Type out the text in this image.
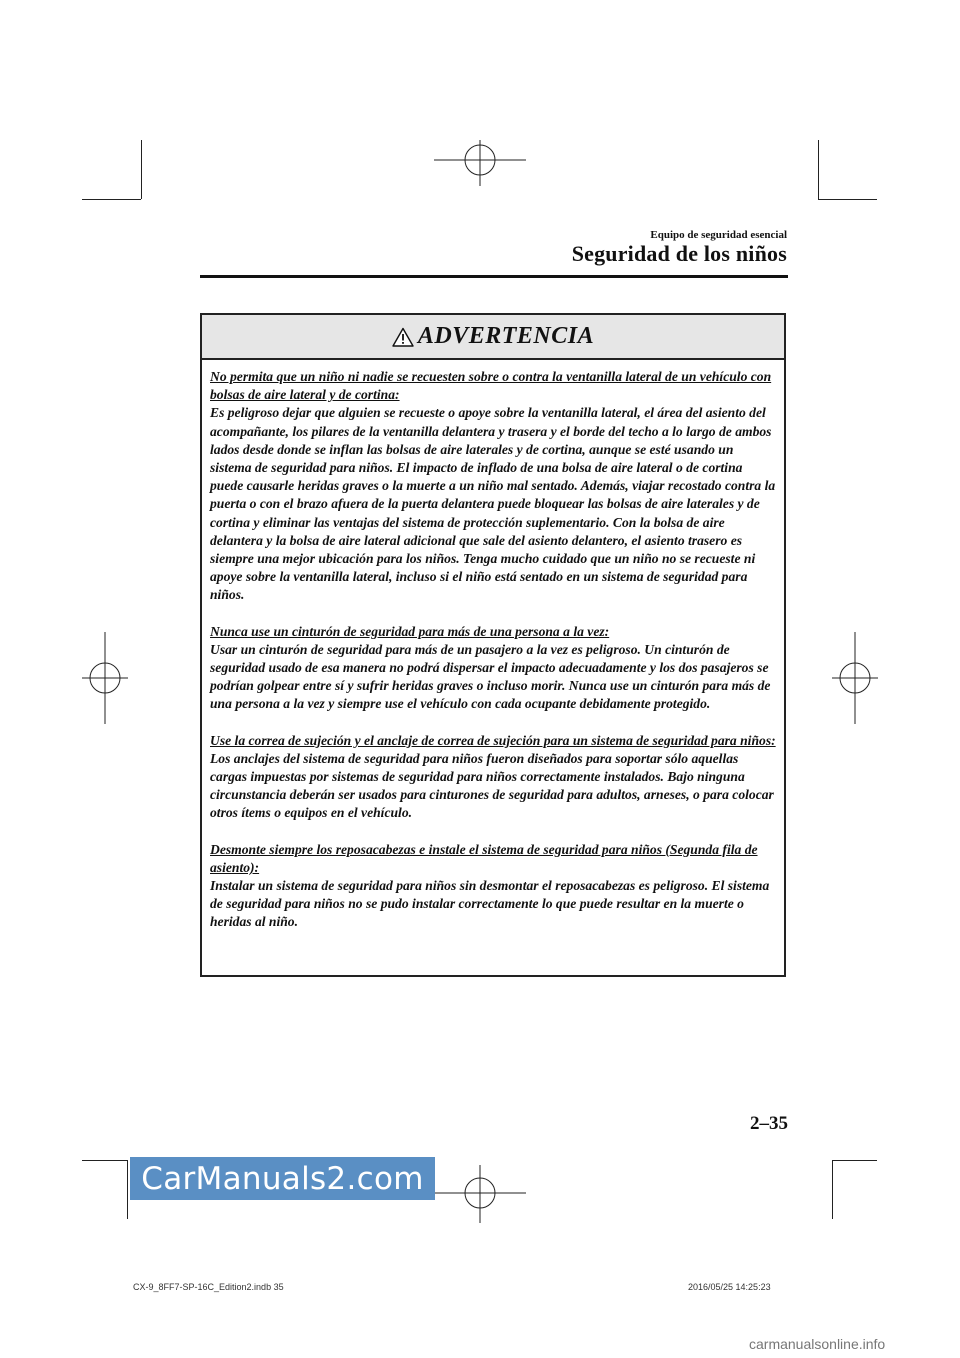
Equipo de seguridad esencial
Seguridad de los niños
ADVERTENCIA
No permita que un niño ni nadie se recuesten sobre o contra la ventanilla lateral de un vehículo con bolsas de aire lateral y de cortina:
Es peligroso dejar que alguien se recueste o apoye sobre la ventanilla lateral, el área del asiento del acompañante, los pilares de la ventanilla delantera y trasera y el borde del techo a lo largo de ambos lados desde donde se inflan las bolsas de aire laterales y de cortina, aunque se esté usando un sistema de seguridad para niños. El impacto de inflado de una bolsa de aire lateral o de cortina puede causarle heridas graves o la muerte a un niño mal sentado. Además, viajar recostado contra la puerta o con el brazo afuera de la puerta delantera puede bloquear las bolsas de aire laterales y de cortina y eliminar las ventajas del sistema de protección suplementario. Con la bolsa de aire delantera y la bolsa de aire lateral adicional que sale del asiento delantero, el asiento trasero es siempre una mejor ubicación para los niños. Tenga mucho cuidado que un niño no se recueste ni apoye sobre la ventanilla lateral, incluso si el niño está sentado en un sistema de seguridad para niños.
Nunca use un cinturón de seguridad para más de una persona a la vez:
Usar un cinturón de seguridad para más de un pasajero a la vez es peligroso. Un cinturón de seguridad usado de esa manera no podrá dispersar el impacto adecuadamente y los dos pasajeros se podrían golpear entre sí y sufrir heridas graves o incluso morir. Nunca use un cinturón para más de una persona a la vez y siempre use el vehículo con cada ocupante debidamente protegido.
Use la correa de sujeción y el anclaje de correa de sujeción para un sistema de seguridad para niños:
Los anclajes del sistema de seguridad para niños fueron diseñados para soportar sólo aquellas cargas impuestas por sistemas de seguridad para niños correctamente instalados. Bajo ninguna circunstancia deberán ser usados para cinturones de seguridad para adultos, arneses, o para colocar otros ítems o equipos en el vehículo.
Desmonte siempre los reposacabezas e instale el sistema de seguridad para niños (Segunda fila de asiento):
Instalar un sistema de seguridad para niños sin desmontar el reposacabezas es peligroso. El sistema de seguridad para niños no se pudo instalar correctamente lo que puede resultar en la muerte o heridas al niño.
2–35
CarManuals2.com
CX-9_8FF7-SP-16C_Edition2.indb 35	2016/05/25 14:25:23
carmanualsonline.info
